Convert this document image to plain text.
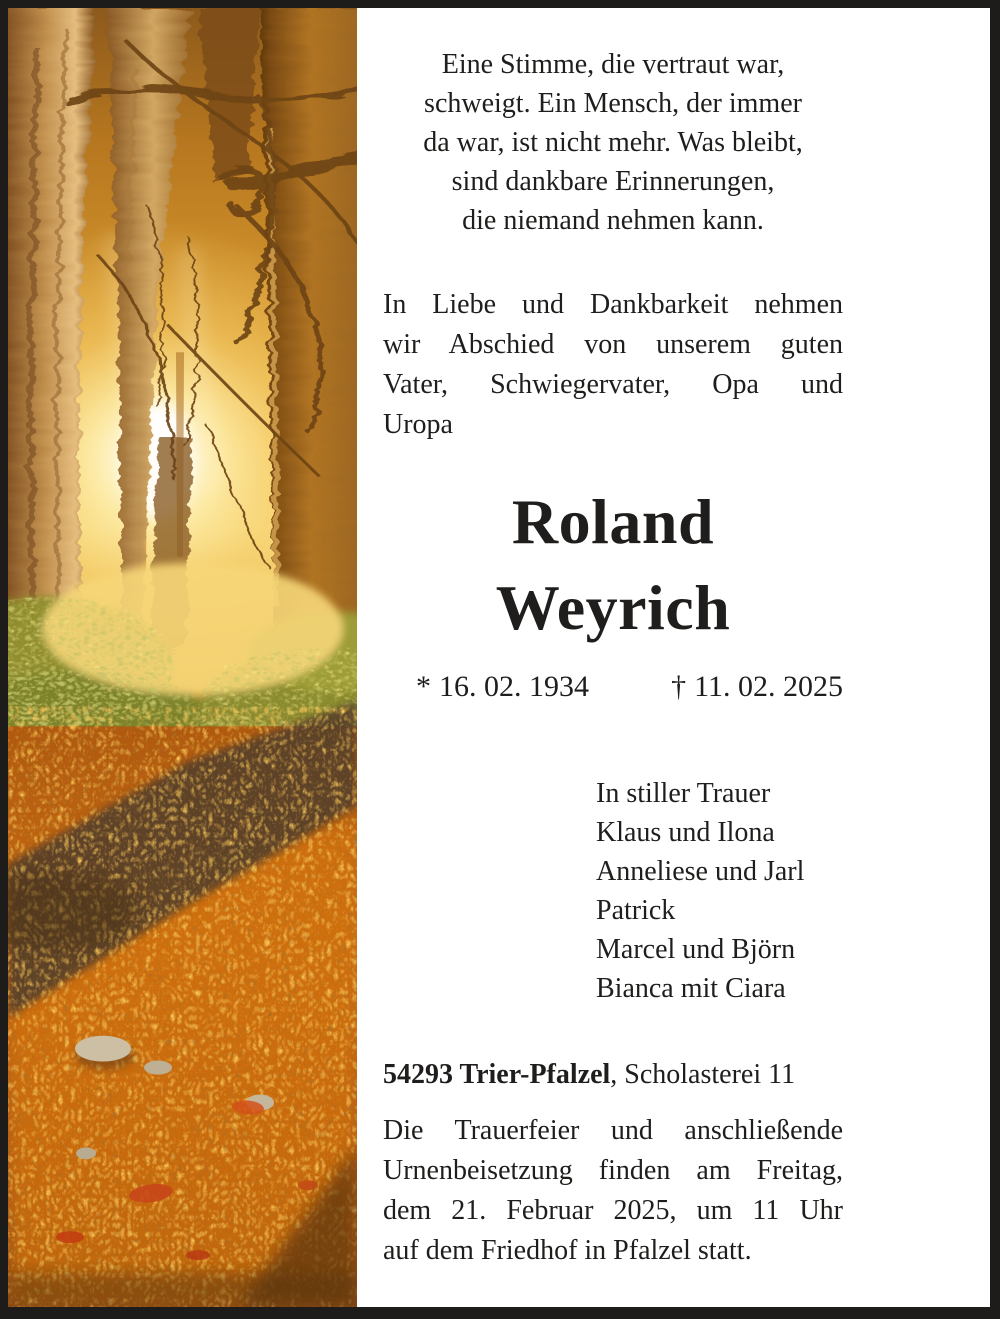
Eine Stimme, die vertraut war,
schweigt. Ein Mensch, der immer
da war, ist nicht mehr. Was bleibt,
sind dankbare Erinnerungen,
die niemand nehmen kann.
In Liebe und Dankbarkeit nehmen
wir Abschied von unserem guten
Vater, Schwiegervater, Opa und
Uropa
Roland
Weyrich
* 16. 02. 1934	† 11. 02. 2025
In stiller Trauer
Klaus und Ilona
Anneliese und Jarl
Patrick
Marcel und Björn
Bianca mit Ciara

54293 Trier-Pfalzel, Scholasterei 11

Die Trauerfeier und anschließende
Urnenbeisetzung finden am Freitag,
dem 21. Februar 2025, um 11 Uhr
auf dem Friedhof in Pfalzel statt.
